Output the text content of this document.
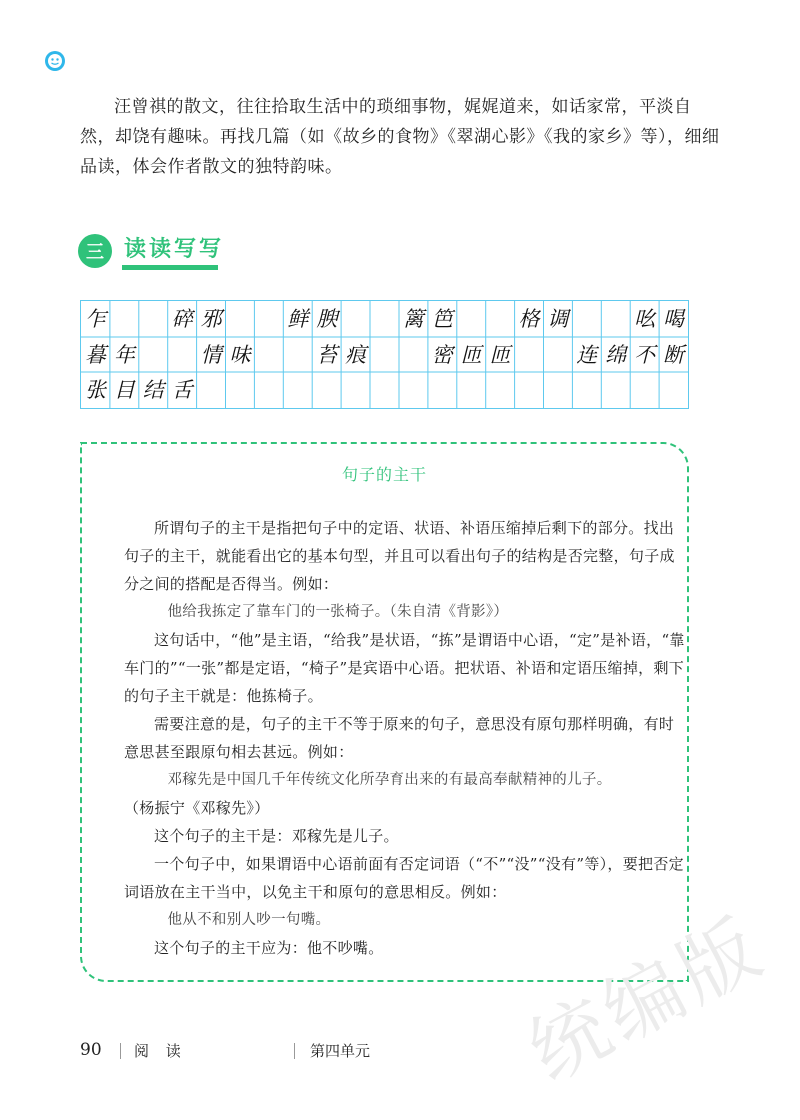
汪曾祺的散文，往往拾取生活中的琐细事物，娓娓道来，如话家常，平淡自然，却饶有趣味。再找几篇（如《故乡的食物》《翠湖心影》《我的家乡》等），细细品读，体会作者散文的独特韵味。

三 读读写写
乍	碎 邪	鲜 腴	篱 笆	格 调	吆 喝
暮 年	情 味	苔 痕	密 匝 匝	连 绵 不 断
张 目 结 舌
句子的主干

所谓句子的主干是指把句子中的定语、状语、补语压缩掉后剩下的部分。找出句子的主干，就能看出它的基本句型，并且可以看出句子的结构是否完整，句子成分之间的搭配是否得当。例如：

他给我拣定了靠车门的一张椅子。（朱自清《背影》）

这句话中，“他”是主语，“给我”是状语，“拣”是谓语中心语，“定”是补语，“靠车门的”“一张”都是定语，“椅子”是宾语中心语。把状语、补语和定语压缩掉，剩下的句子主干就是：他拣椅子。

需要注意的是，句子的主干不等于原来的句子，意思没有原句那样明确，有时意思甚至跟原句相去甚远。例如：

邓稼先是中国几千年传统文化所孕育出来的有最高奉献精神的儿子。

（杨振宁《邓稼先》）

这个句子的主干是：邓稼先是儿子。

一个句子中，如果谓语中心语前面有否定词语（“不”“没”“没有”等），要把否定词语放在主干当中，以免主干和原句的意思相反。例如：

他从不和别人吵一句嘴。

这个句子的主干应为：他不吵嘴。	统编版
90 阅 读	第四单元
